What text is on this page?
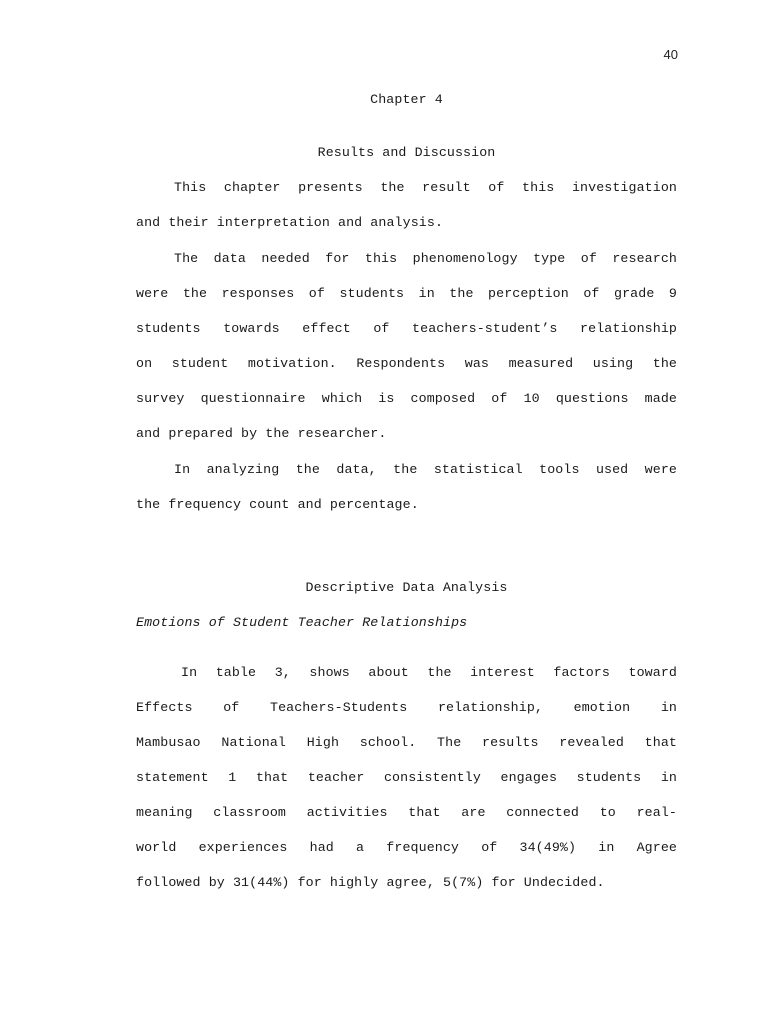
40
Chapter 4
Results and Discussion
This chapter presents the result of this investigation
and their interpretation and analysis.
The data needed for this phenomenology type of research
were the responses of students in the perception of grade 9
students towards effect of teachers-student’s relationship
on student motivation. Respondents was measured using the
survey questionnaire which is composed of 10 questions made
and prepared by the researcher.
In analyzing the data, the statistical tools used were
the frequency count and percentage.
Descriptive Data Analysis
Emotions of Student Teacher Relationships
In table 3, shows about the interest factors toward
Effects of Teachers-Students relationship, emotion in
Mambusao National High school. The results revealed that
statement 1 that teacher consistently engages students in
meaning classroom activities that are connected to real-
world experiences had a frequency of 34(49%) in Agree
followed by 31(44%) for highly agree, 5(7%) for Undecided.
